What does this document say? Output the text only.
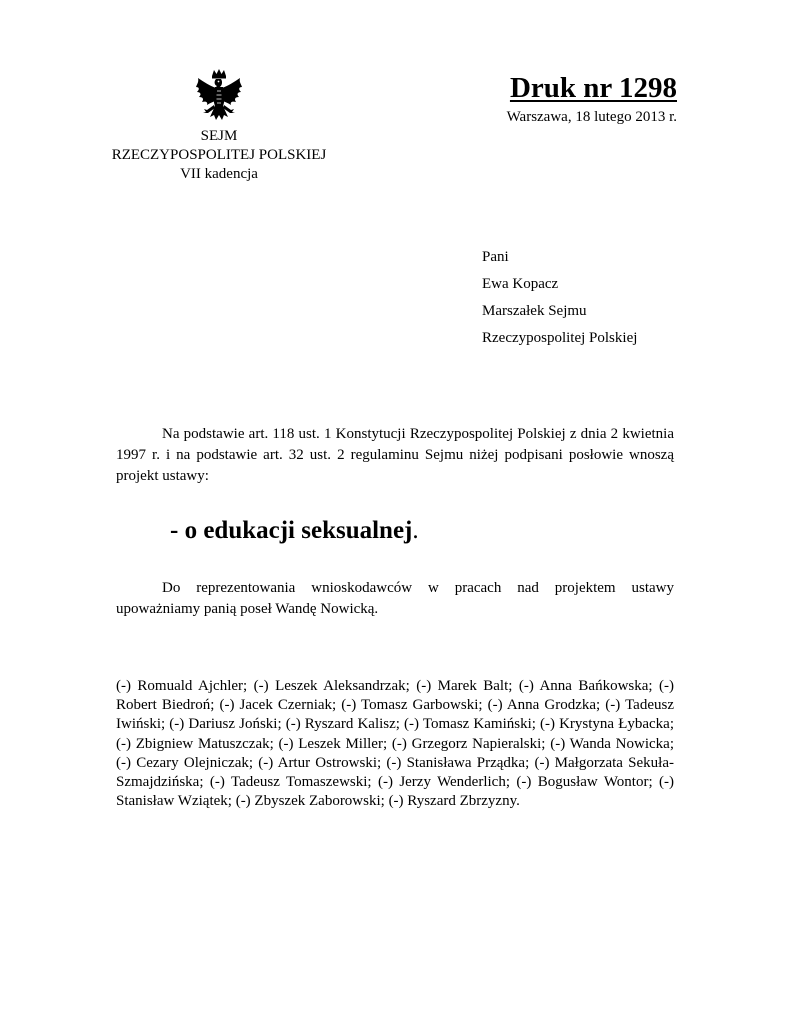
SEJM
RZECZYPOSPOLITEJ POLSKIEJ
VII kadencja
Druk nr 1298
Warszawa, 18 lutego 2013 r.
Pani
Ewa Kopacz
Marszałek Sejmu
Rzeczypospolitej Polskiej

Na podstawie art. 118 ust. 1 Konstytucji Rzeczypospolitej Polskiej z dnia 2 kwietnia 1997 r. i na podstawie art. 32 ust. 2 regulaminu Sejmu niżej podpisani posłowie wnoszą projekt ustawy:

- o edukacji seksualnej.

Do reprezentowania wnioskodawców w pracach nad projektem ustawy upoważniamy panią poseł Wandę Nowicką.

(-) Romuald Ajchler; (-) Leszek Aleksandrzak; (-) Marek Balt; (-) Anna Bańkowska; (-) Robert Biedroń; (-) Jacek Czerniak; (-) Tomasz Garbowski; (-) Anna Grodzka; (-) Tadeusz Iwiński; (-) Dariusz Joński; (-) Ryszard Kalisz; (-) Tomasz Kamiński; (-) Krystyna Łybacka; (-) Zbigniew Matuszczak; (-) Leszek Miller; (-) Grzegorz Napieralski; (-) Wanda Nowicka; (-) Cezary Olejniczak; (-) Artur Ostrowski; (-) Stanisława Prządka; (-) Małgorzata Sekuła-Szmajdzińska; (-) Tadeusz Tomaszewski; (-) Jerzy Wenderlich; (-) Bogusław Wontor; (-) Stanisław Wziątek; (-) Zbyszek Zaborowski; (-) Ryszard Zbrzyzny.
